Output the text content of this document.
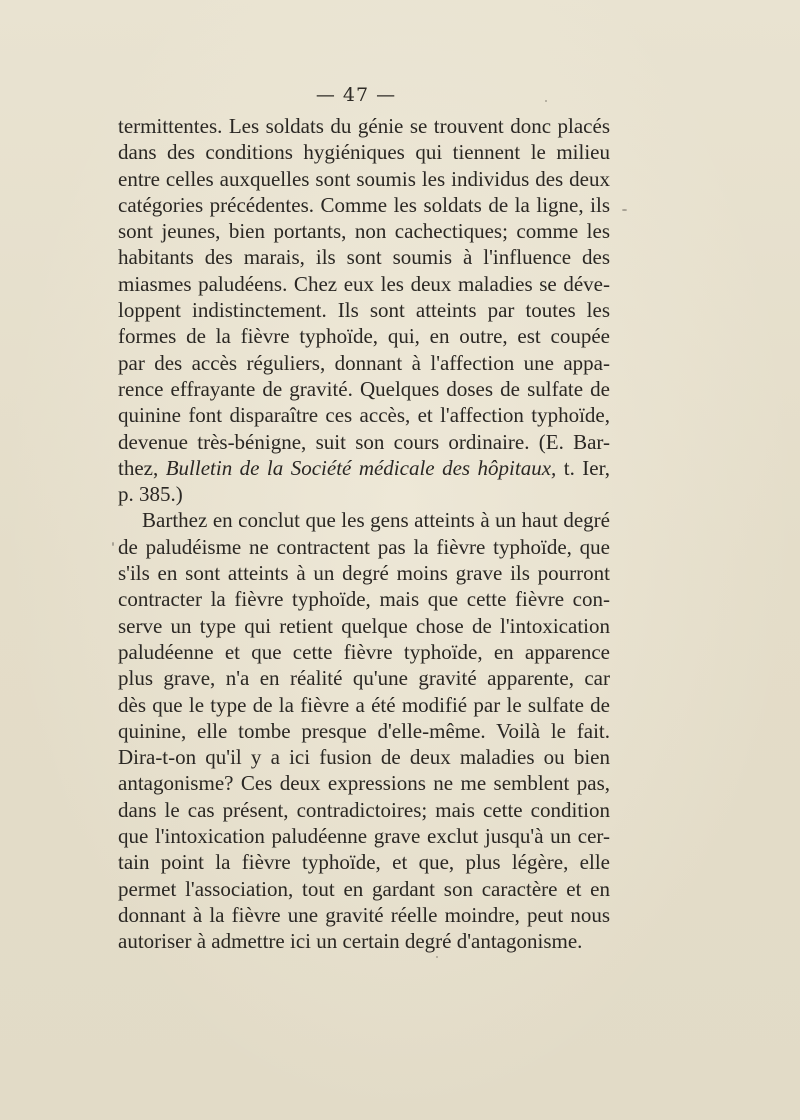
— 47 —
termittentes. Les soldats du génie se trouvent donc placés
dans des conditions hygiéniques qui tiennent le milieu
entre celles auxquelles sont soumis les individus des deux
catégories précédentes. Comme les soldats de la ligne, ils
sont jeunes, bien portants, non cachectiques; comme les
habitants des marais, ils sont soumis à l'influence des
miasmes paludéens. Chez eux les deux maladies se déve-
loppent indistinctement. Ils sont atteints par toutes les
formes de la fièvre typhoïde, qui, en outre, est coupée
par des accès réguliers, donnant à l'affection une appa-
rence effrayante de gravité. Quelques doses de sulfate de
quinine font disparaître ces accès, et l'affection typhoïde,
devenue très-bénigne, suit son cours ordinaire. (E. Bar-
thez, Bulletin de la Société médicale des hôpitaux, t. Ier,
p. 385.)
Barthez en conclut que les gens atteints à un haut degré
de paludéisme ne contractent pas la fièvre typhoïde, que
s'ils en sont atteints à un degré moins grave ils pourront
contracter la fièvre typhoïde, mais que cette fièvre con-
serve un type qui retient quelque chose de l'intoxication
paludéenne et que cette fièvre typhoïde, en apparence
plus grave, n'a en réalité qu'une gravité apparente, car
dès que le type de la fièvre a été modifié par le sulfate de
quinine, elle tombe presque d'elle-même. Voilà le fait.
Dira-t-on qu'il y a ici fusion de deux maladies ou bien
antagonisme? Ces deux expressions ne me semblent pas,
dans le cas présent, contradictoires; mais cette condition
que l'intoxication paludéenne grave exclut jusqu'à un cer-
tain point la fièvre typhoïde, et que, plus légère, elle
permet l'association, tout en gardant son caractère et en
donnant à la fièvre une gravité réelle moindre, peut nous
autoriser à admettre ici un certain degré d'antagonisme.
